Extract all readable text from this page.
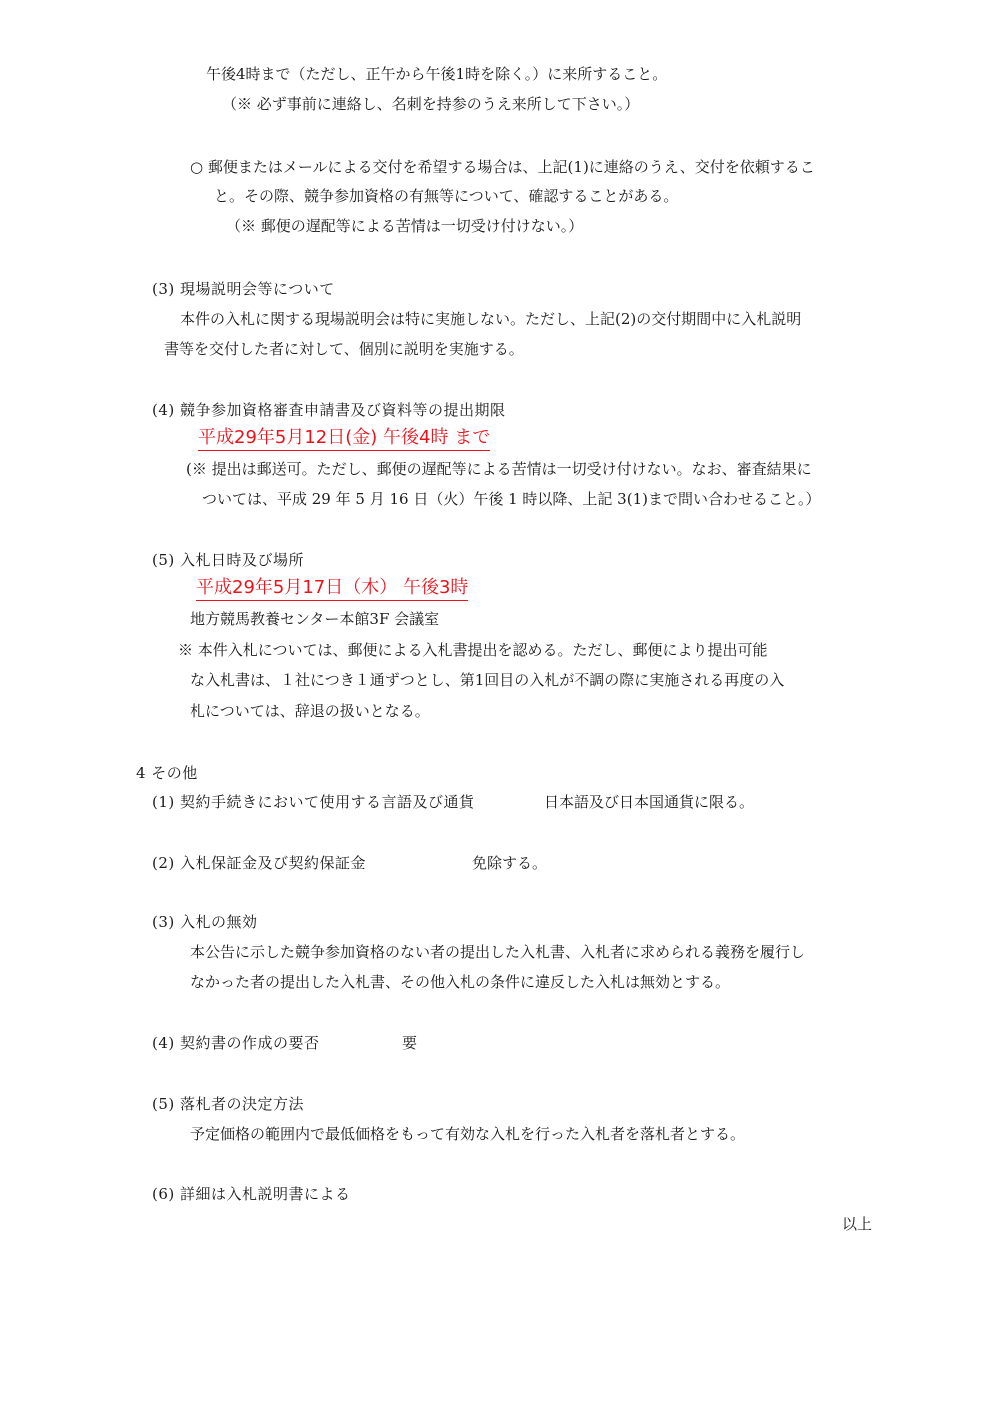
午後4時まで（ただし、正午から午後1時を除く。）に来所すること。
（※ 必ず事前に連絡し、名刺を持参のうえ来所して下さい。）
○ 郵便またはメールによる交付を希望する場合は、上記(1)に連絡のうえ、交付を依頼するこ
と。その際、競争参加資格の有無等について、確認することがある。
（※ 郵便の遅配等による苦情は一切受け付けない。）
(3) 現場説明会等について
本件の入札に関する現場説明会は特に実施しない。ただし、上記(2)の交付期間中に入札説明
書等を交付した者に対して、個別に説明を実施する。
(4) 競争参加資格審査申請書及び資料等の提出期限
平成29年5月12日(金) 午後4時 まで
(※ 提出は郵送可。ただし、郵便の遅配等による苦情は一切受け付けない。なお、審査結果に
ついては、平成 29 年 5 月 16 日（火）午後 1 時以降、上記 3(1)まで問い合わせること。）
(5) 入札日時及び場所
平成29年5月17日（木） 午後3時
地方競馬教養センター本館3F 会議室
※ 本件入札については、郵便による入札書提出を認める。ただし、郵便により提出可能
な入札書は、１社につき１通ずつとし、第1回目の入札が不調の際に実施される再度の入
札については、辞退の扱いとなる。
4 その他
(1) 契約手続きにおいて使用する言語及び通貨	日本語及び日本国通貨に限る。
(2) 入札保証金及び契約保証金	免除する。
(3) 入札の無効
本公告に示した競争参加資格のない者の提出した入札書、入札者に求められる義務を履行し
なかった者の提出した入札書、その他入札の条件に違反した入札は無効とする。
(4) 契約書の作成の要否	要
(5) 落札者の決定方法
予定価格の範囲内で最低価格をもって有効な入札を行った入札者を落札者とする。
(6) 詳細は入札説明書による
以上
